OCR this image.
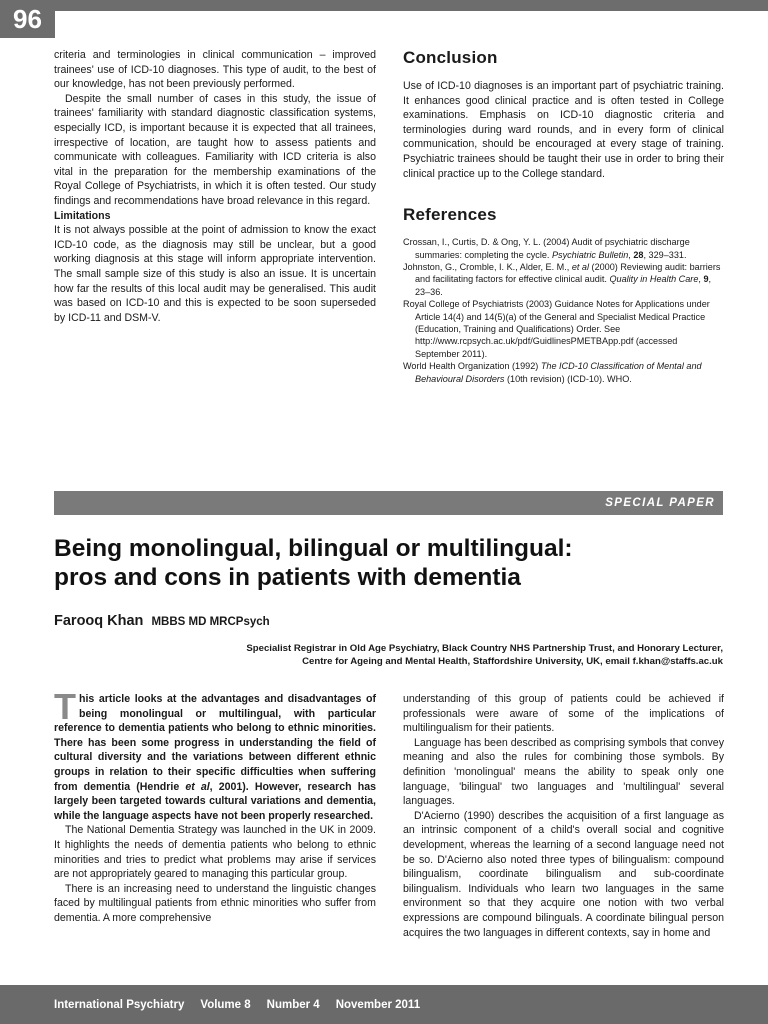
96

criteria and terminologies in clinical communication – improved trainees' use of ICD-10 diagnoses. This type of audit, to the best of our knowledge, has not been previously performed.

Despite the small number of cases in this study, the issue of trainees' familiarity with standard diagnostic classification systems, especially ICD, is important because it is expected that all trainees, irrespective of location, are taught how to assess patients and communicate with colleagues. Familiarity with ICD criteria is also vital in the preparation for the membership examinations of the Royal College of Psychiatrists, in which it is often tested. Our study findings and recommendations have broad relevance in this regard.

Limitations

It is not always possible at the point of admission to know the exact ICD-10 code, as the diagnosis may still be unclear, but a good working diagnosis at this stage will inform appropriate intervention. The small sample size of this study is also an issue. It is uncertain how far the results of this local audit may be generalised. This audit was based on ICD-10 and this is expected to be soon superseded by ICD-11 and DSM-V.

Conclusion

Use of ICD-10 diagnoses is an important part of psychiatric training. It enhances good clinical practice and is often tested in College examinations. Emphasis on ICD-10 diagnostic criteria and terminologies during ward rounds, and in every form of clinical communication, should be encouraged at every stage of training. Psychiatric trainees should be taught their use in order to bring their clinical practice up to the College standard.

References
Crossan, I., Curtis, D. & Ong, Y. L. (2004) Audit of psychiatric discharge summaries: completing the cycle. Psychiatric Bulletin, 28, 329–331.
Johnston, G., Cromble, I. K., Alder, E. M., et al (2000) Reviewing audit: barriers and facilitating factors for effective clinical audit. Quality in Health Care, 9, 23–36.
Royal College of Psychiatrists (2003) Guidance Notes for Applications under Article 14(4) and 14(5)(a) of the General and Specialist Medical Practice (Education, Training and Qualifications) Order. See http://www.rcpsych.ac.uk/pdf/GuidlinesPMETBApp.pdf (accessed September 2011).
World Health Organization (1992) The ICD-10 Classification of Mental and Behavioural Disorders (10th revision) (ICD-10). WHO.
SPECIAL PAPER
Being monolingual, bilingual or multilingual:
pros and cons in patients with dementia
Farooq Khan MBBS MD MRCPsych
Specialist Registrar in Old Age Psychiatry, Black Country NHS Partnership Trust, and Honorary Lecturer,
Centre for Ageing and Mental Health, Staffordshire University, UK, email f.khan@staffs.ac.uk

This article looks at the advantages and disadvantages of being monolingual or multilingual, with particular reference to dementia patients who belong to ethnic minorities. There has been some progress in understanding the field of cultural diversity and the variations between different ethnic groups in relation to their specific difficulties when suffering from dementia (Hendrie et al, 2001). However, research has largely been targeted towards cultural variations and dementia, while the language aspects have not been properly researched.

The National Dementia Strategy was launched in the UK in 2009. It highlights the needs of dementia patients who belong to ethnic minorities and tries to predict what problems may arise if services are not appropriately geared to managing this particular group.

There is an increasing need to understand the linguistic changes faced by multilingual patients from ethnic minorities who suffer from dementia. A more comprehensive

understanding of this group of patients could be achieved if professionals were aware of some of the implications of multilingualism for their patients.

Language has been described as comprising symbols that convey meaning and also the rules for combining those symbols. By definition 'monolingual' means the ability to speak only one language, 'bilingual' two languages and 'multilingual' several languages.

D'Acierno (1990) describes the acquisition of a first language as an intrinsic component of a child's overall social and cognitive development, whereas the learning of a second language need not be so. D'Acierno also noted three types of bilingualism: compound bilingualism, coordinate bilingualism and sub-coordinate bilingualism. Individuals who learn two languages in the same environment so that they acquire one notion with two verbal expressions are compound bilinguals. A coordinate bilingual person acquires the two languages in different contexts, say in home and

International Psychiatry Volume 8 Number 4 November 2011
